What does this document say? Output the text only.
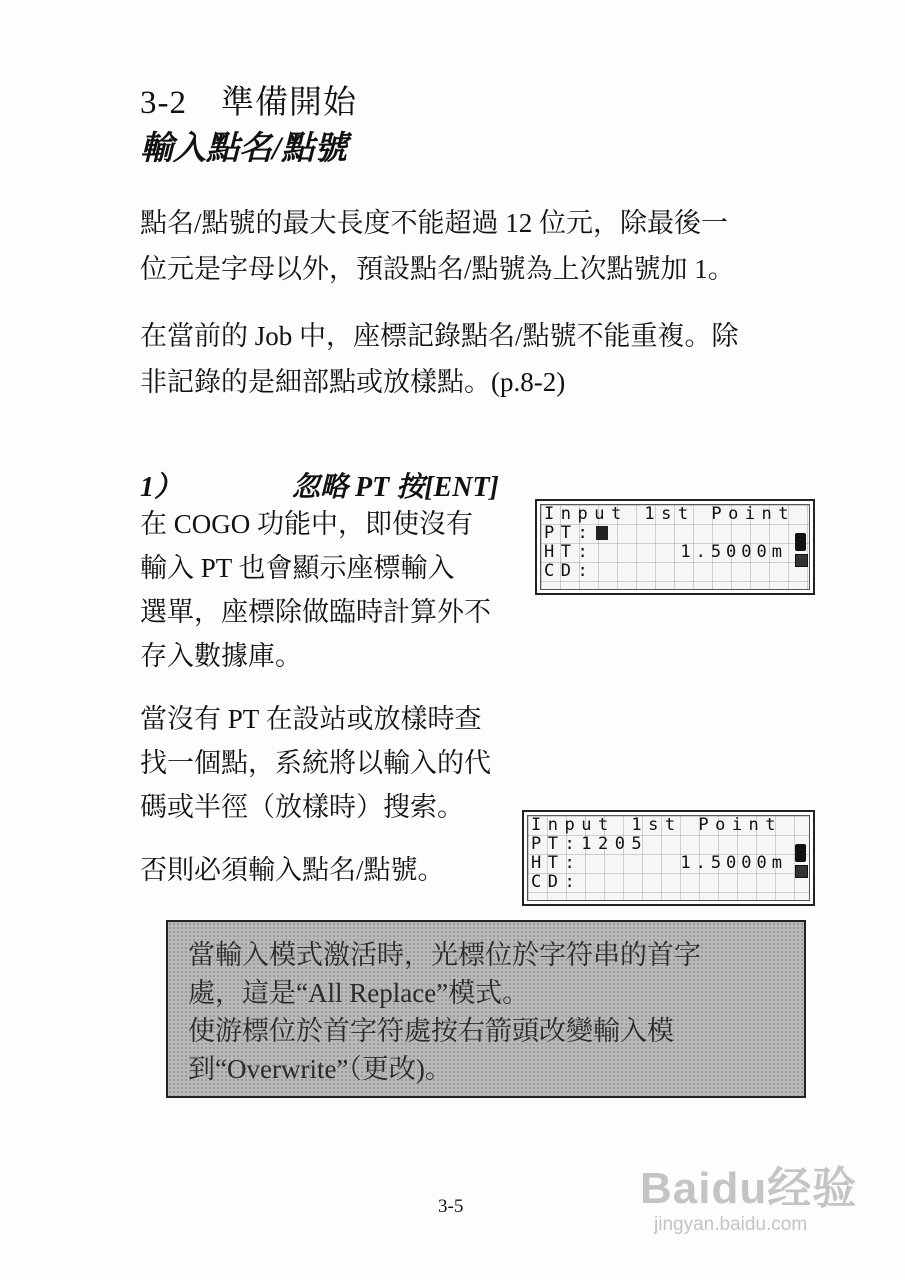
3-2 準備開始
輸入點名/點號
點名/點號的最大長度不能超過 12 位元，除最後一
位元是字母以外，預設點名/點號為上次點號加 1。
在當前的 Job 中，座標記錄點名/點號不能重複。除
非記錄的是細部點或放樣點。(p.8-2)
1）	忽略 PT 按[ENT]
在 COGO 功能中，即使沒有
輸入 PT 也會顯示座標輸入
選單，座標除做臨時計算外不
存入數據庫。
當沒有 PT 在設站或放樣時查
找一個點，系統將以輸入的代
碼或半徑（放樣時）搜索。
否則必須輸入點名/點號。
Input 1st Point
PT:
HT:	1.5000m
CD:
Input 1st Point
PT:1205
HT:	1.5000m
CD:
當輸入模式激活時，光標位於字符串的首字
處，這是“All Replace”模式。
使游標位於首字符處按右箭頭改變輸入模
到“Overwrite”（更改)。
3-5	Baidu经验
jingyan.baidu.com
